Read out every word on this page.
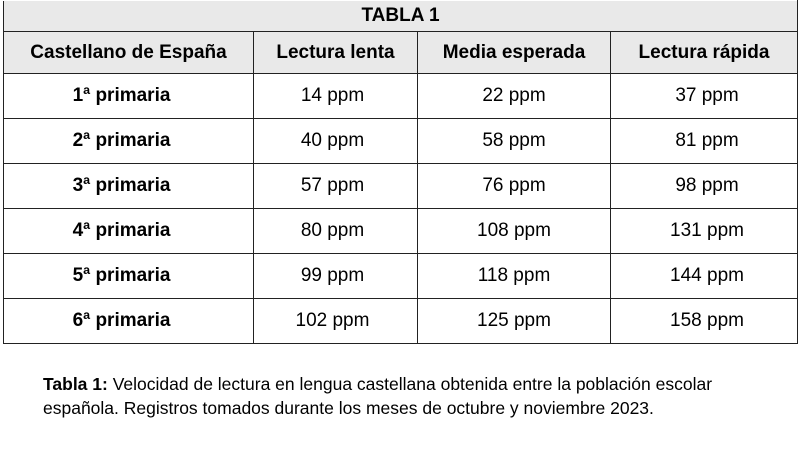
TABLA 1			
Castellano de España	Lectura lenta	Media esperada	Lectura rápida
1ª primaria	14 ppm	22 ppm	37 ppm
2ª primaria	40 ppm	58 ppm	81 ppm
3ª primaria	57 ppm	76 ppm	98 ppm
4ª primaria	80 ppm	108 ppm	131 ppm
5ª primaria	99 ppm	118 ppm	144 ppm
6ª primaria	102 ppm	125 ppm	158 ppm

Tabla 1: Velocidad de lectura en lengua castellana obtenida entre la población escolar española. Registros tomados durante los meses de octubre y noviembre 2023.
